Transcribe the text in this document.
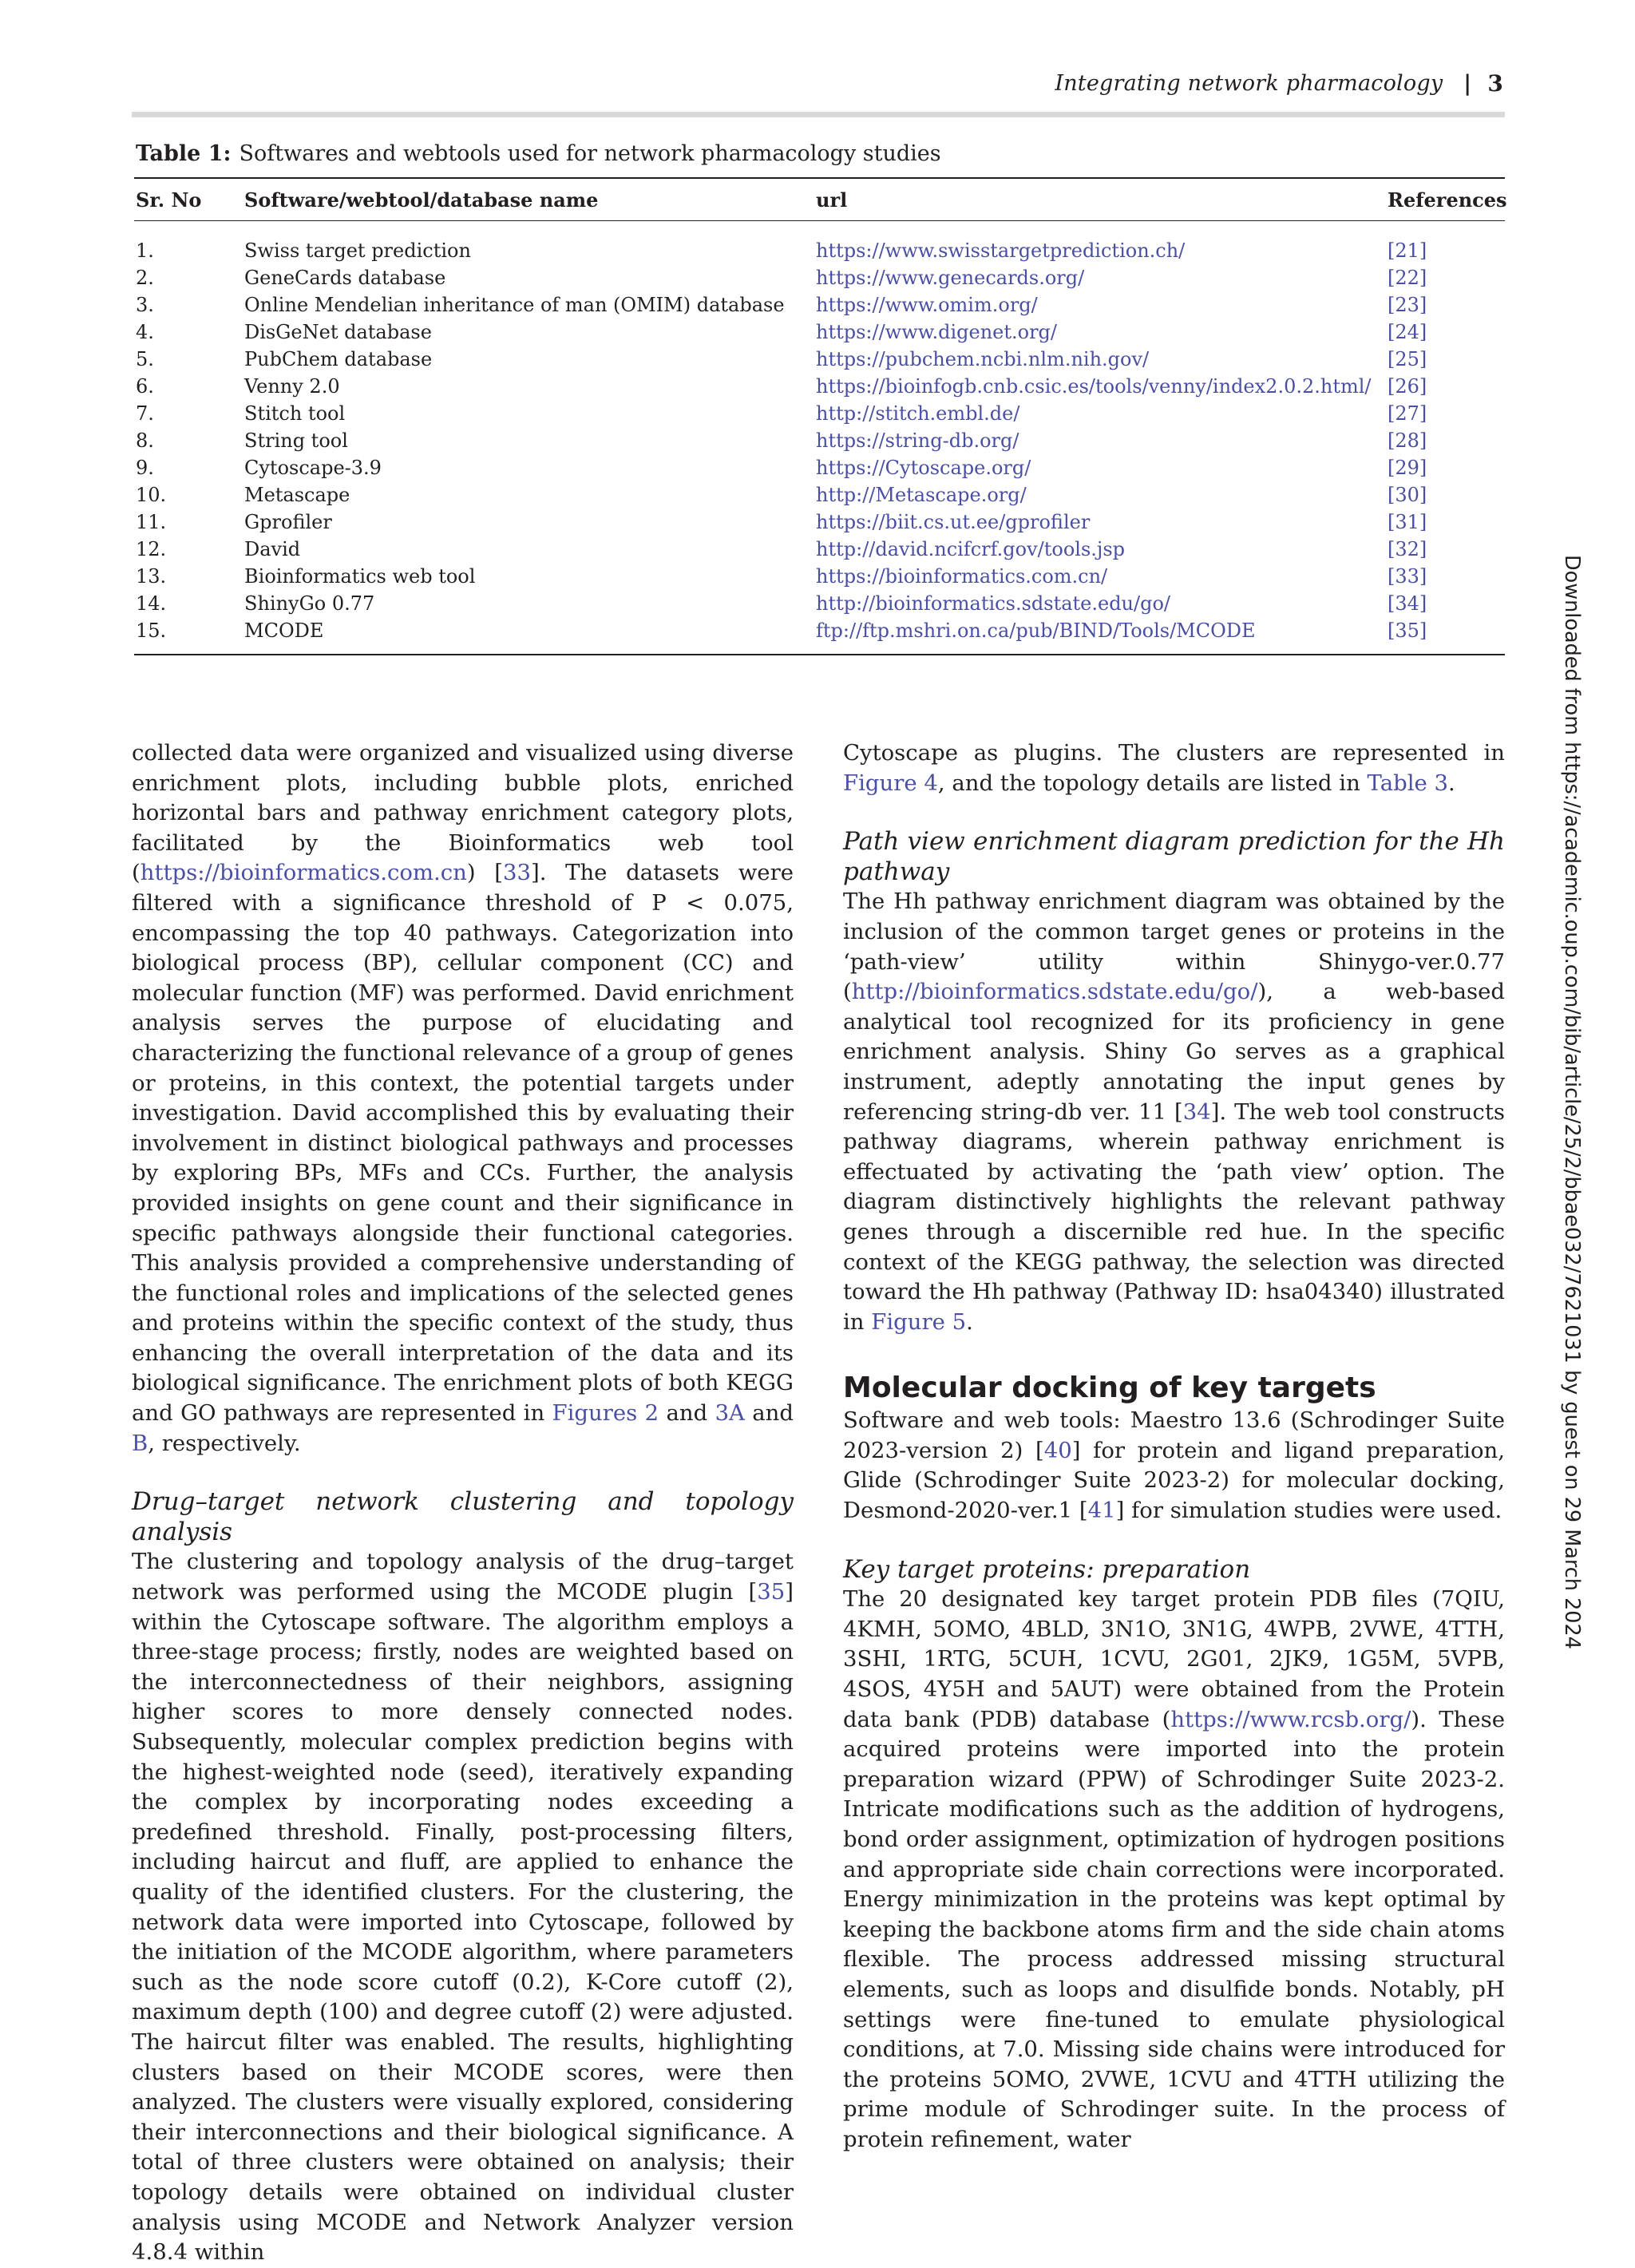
Integrating network pharmacology | 3
Table 1: Softwares and webtools used for network pharmacology studies
Sr. No	Software/webtool/database name	url	References
1.	Swiss target prediction	https://www.swisstargetprediction.ch/	[21]
2.	GeneCards database	https://www.genecards.org/	[22]
3.	Online Mendelian inheritance of man (OMIM) database	https://www.omim.org/	[23]
4.	DisGeNet database	https://www.digenet.org/	[24]
5.	PubChem database	https://pubchem.ncbi.nlm.nih.gov/	[25]
6.	Venny 2.0	https://bioinfogb.cnb.csic.es/tools/venny/index2.0.2.html/ [26]
7.	Stitch tool	http://stitch.embl.de/	[27]
8.	String tool	https://string-db.org/	[28]
9.	Cytoscape-3.9	https://Cytoscape.org/	[29]
10.	Metascape	http://Metascape.org/	[30]
11.	Gprofiler	https://biit.cs.ut.ee/gprofiler	[31]
12.	David	http://david.ncifcrf.gov/tools.jsp	[32]
13.	Bioinformatics web tool	https://bioinformatics.com.cn/	[33]
14.	ShinyGo 0.77	http://bioinformatics.sdstate.edu/go/	[34]
15.	MCODE	ftp://ftp.mshri.on.ca/pub/BIND/Tools/MCODE	[35]

collected data were organized and visualized using diverse enrichment plots, including bubble plots, enriched horizontal bars and pathway enrichment category plots, facilitated by the Bioinformatics web tool (https://bioinformatics.com.cn) [33]. The datasets were filtered with a significance threshold of P < 0.075, encompassing the top 40 pathways. Categorization into biological process (BP), cellular component (CC) and molecular function (MF) was performed. David enrichment analysis serves the purpose of elucidating and characterizing the functional relevance of a group of genes or proteins, in this context, the potential targets under investigation. David accomplished this by evaluating their involvement in distinct biological pathways and processes by exploring BPs, MFs and CCs. Further, the analysis provided insights on gene count and their significance in specific pathways alongside their functional categories. This analysis provided a comprehensive understanding of the functional roles and implications of the selected genes and proteins within the specific context of the study, thus enhancing the overall interpretation of the data and its biological significance. The enrichment plots of both KEGG and GO pathways are represented in Figures 2 and 3A and B, respectively.

Drug–target network clustering and topology analysis

The clustering and topology analysis of the drug–target network was performed using the MCODE plugin [35] within the Cytoscape software. The algorithm employs a three-stage process; firstly, nodes are weighted based on the interconnectedness of their neighbors, assigning higher scores to more densely connected nodes. Subsequently, molecular complex prediction begins with the highest-weighted node (seed), iteratively expanding the complex by incorporating nodes exceeding a predefined threshold. Finally, post-processing filters, including haircut and fluff, are applied to enhance the quality of the identified clusters. For the clustering, the network data were imported into Cytoscape, followed by the initiation of the MCODE algorithm, where parameters such as the node score cutoff (0.2), K-Core cutoff (2), maximum depth (100) and degree cutoff (2) were adjusted. The haircut filter was enabled. The results, highlighting clusters based on their MCODE scores, were then analyzed. The clusters were visually explored, considering their interconnections and their biological significance. A total of three clusters were obtained on analysis; their topology details were obtained on individual cluster analysis using MCODE and Network Analyzer version 4.8.4 within

Cytoscape as plugins. The clusters are represented in Figure 4, and the topology details are listed in Table 3.

Path view enrichment diagram prediction for the Hh pathway

The Hh pathway enrichment diagram was obtained by the inclusion of the common target genes or proteins in the ‘path-view’ utility within Shinygo-ver.0.77 (http://bioinformatics.sdstate.edu/go/), a web-based analytical tool recognized for its proficiency in gene enrichment analysis. Shiny Go serves as a graphical instrument, adeptly annotating the input genes by referencing string-db ver. 11 [34]. The web tool constructs pathway diagrams, wherein pathway enrichment is effectuated by activating the ‘path view’ option. The diagram distinctively highlights the relevant pathway genes through a discernible red hue. In the specific context of the KEGG pathway, the selection was directed toward the Hh pathway (Pathway ID: hsa04340) illustrated in Figure 5.

Molecular docking of key targets

Software and web tools: Maestro 13.6 (Schrodinger Suite 2023-version 2) [40] for protein and ligand preparation, Glide (Schrodinger Suite 2023-2) for molecular docking, Desmond-2020-ver.1 [41] for simulation studies were used.

Key target proteins: preparation

The 20 designated key target protein PDB files (7QIU, 4KMH, 5OMO, 4BLD, 3N1O, 3N1G, 4WPB, 2VWE, 4TTH, 3SHI, 1RTG, 5CUH, 1CVU, 2G01, 2JK9, 1G5M, 5VPB, 4SOS, 4Y5H and 5AUT) were obtained from the Protein data bank (PDB) database (https://www.rcsb.org/). These acquired proteins were imported into the protein preparation wizard (PPW) of Schrodinger Suite 2023-2. Intricate modifications such as the addition of hydrogens, bond order assignment, optimization of hydrogen positions and appropriate side chain corrections were incorporated. Energy minimization in the proteins was kept optimal by keeping the backbone atoms firm and the side chain atoms flexible. The process addressed missing structural elements, such as loops and disulfide bonds. Notably, pH settings were fine-tuned to emulate physiological conditions, at 7.0. Missing side chains were introduced for the proteins 5OMO, 2VWE, 1CVU and 4TTH utilizing the prime module of Schrodinger suite. In the process of protein refinement, water

Downloaded from https://academic.oup.com/bib/article/25/2/bbae032/7621031 by guest on 29 March 2024
